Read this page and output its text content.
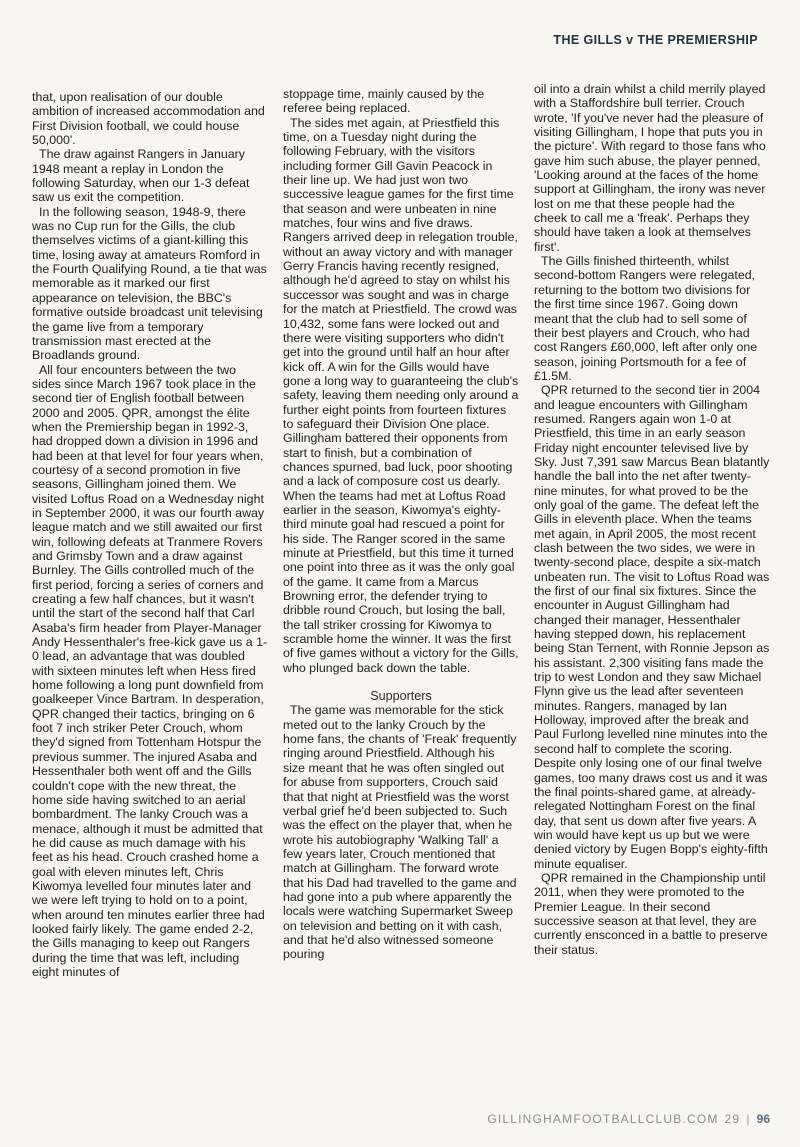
THE GILLS v THE PREMIERSHIP

that, upon realisation of our double ambition of increased accommodation and First Division football, we could house 50,000'.

The draw against Rangers in January 1948 meant a replay in London the following Saturday, when our 1-3 defeat saw us exit the competition.

In the following season, 1948-9, there was no Cup run for the Gills, the club themselves victims of a giant-killing this time, losing away at amateurs Romford in the Fourth Qualifying Round, a tie that was memorable as it marked our first appearance on television, the BBC's formative outside broadcast unit televising the game live from a temporary transmission mast erected at the Broadlands ground.

All four encounters between the two sides since March 1967 took place in the second tier of English football between 2000 and 2005. QPR, amongst the élite when the Premiership began in 1992-3, had dropped down a division in 1996 and had been at that level for four years when, courtesy of a second promotion in five seasons, Gillingham joined them. We visited Loftus Road on a Wednesday night in September 2000, it was our fourth away league match and we still awaited our first win, following defeats at Tranmere Rovers and Grimsby Town and a draw against Burnley. The Gills controlled much of the first period, forcing a series of corners and creating a few half chances, but it wasn't until the start of the second half that Carl Asaba's firm header from Player-Manager Andy Hessenthaler's free-kick gave us a 1-0 lead, an advantage that was doubled with sixteen minutes left when Hess fired home following a long punt downfield from goalkeeper Vince Bartram. In desperation, QPR changed their tactics, bringing on 6 foot 7 inch striker Peter Crouch, whom they'd signed from Tottenham Hotspur the previous summer. The injured Asaba and Hessenthaler both went off and the Gills couldn't cope with the new threat, the home side having switched to an aerial bombardment. The lanky Crouch was a menace, although it must be admitted that he did cause as much damage with his feet as his head. Crouch crashed home a goal with eleven minutes left, Chris Kiwomya levelled four minutes later and we were left trying to hold on to a point, when around ten minutes earlier three had looked fairly likely. The game ended 2-2, the Gills managing to keep out Rangers during the time that was left, including eight minutes of

stoppage time, mainly caused by the referee being replaced.

The sides met again, at Priestfield this time, on a Tuesday night during the following February, with the visitors including former Gill Gavin Peacock in their line up. We had just won two successive league games for the first time that season and were unbeaten in nine matches, four wins and five draws. Rangers arrived deep in relegation trouble, without an away victory and with manager Gerry Francis having recently resigned, although he'd agreed to stay on whilst his successor was sought and was in charge for the match at Priestfield. The crowd was 10,432, some fans were locked out and there were visiting supporters who didn't get into the ground until half an hour after kick off. A win for the Gills would have gone a long way to guaranteeing the club's safety, leaving them needing only around a further eight points from fourteen fixtures to safeguard their Division One place. Gillingham battered their opponents from start to finish, but a combination of chances spurned, bad luck, poor shooting and a lack of composure cost us dearly. When the teams had met at Loftus Road earlier in the season, Kiwomya's eighty-third minute goal had rescued a point for his side. The Ranger scored in the same minute at Priestfield, but this time it turned one point into three as it was the only goal of the game. It came from a Marcus Browning error, the defender trying to dribble round Crouch, but losing the ball, the tall striker crossing for Kiwomya to scramble home the winner. It was the first of five games without a victory for the Gills, who plunged back down the table.

Supporters

The game was memorable for the stick meted out to the lanky Crouch by the home fans, the chants of 'Freak' frequently ringing around Priestfield. Although his size meant that he was often singled out for abuse from supporters, Crouch said that that night at Priestfield was the worst verbal grief he'd been subjected to. Such was the effect on the player that, when he wrote his autobiography 'Walking Tall' a few years later, Crouch mentioned that match at Gillingham. The forward wrote that his Dad had travelled to the game and had gone into a pub where apparently the locals were watching Supermarket Sweep on television and betting on it with cash, and that he'd also witnessed someone pouring

oil into a drain whilst a child merrily played with a Staffordshire bull terrier. Crouch wrote, 'If you've never had the pleasure of visiting Gillingham, I hope that puts you in the picture'. With regard to those fans who gave him such abuse, the player penned, 'Looking around at the faces of the home support at Gillingham, the irony was never lost on me that these people had the cheek to call me a 'freak'. Perhaps they should have taken a look at themselves first'.

The Gills finished thirteenth, whilst second-bottom Rangers were relegated, returning to the bottom two divisions for the first time since 1967. Going down meant that the club had to sell some of their best players and Crouch, who had cost Rangers £60,000, left after only one season, joining Portsmouth for a fee of £1.5M.

QPR returned to the second tier in 2004 and league encounters with Gillingham resumed. Rangers again won 1-0 at Priestfield, this time in an early season Friday night encounter televised live by Sky. Just 7,391 saw Marcus Bean blatantly handle the ball into the net after twenty-nine minutes, for what proved to be the only goal of the game. The defeat left the Gills in eleventh place. When the teams met again, in April 2005, the most recent clash between the two sides, we were in twenty-second place, despite a six-match unbeaten run. The visit to Loftus Road was the first of our final six fixtures. Since the encounter in August Gillingham had changed their manager, Hessenthaler having stepped down, his replacement being Stan Ternent, with Ronnie Jepson as his assistant. 2,300 visiting fans made the trip to west London and they saw Michael Flynn give us the lead after seventeen minutes. Rangers, managed by Ian Holloway, improved after the break and Paul Furlong levelled nine minutes into the second half to complete the scoring. Despite only losing one of our final twelve games, too many draws cost us and it was the final points-shared game, at already-relegated Nottingham Forest on the final day, that sent us down after five years. A win would have kept us up but we were denied victory by Eugen Bopp's eighty-fifth minute equaliser.

QPR remained in the Championship until 2011, when they were promoted to the Premier League. In their second successive season at that level, they are currently ensconced in a battle to preserve their status.

GILLINGHAMFOOTBALLCLUB.COM 29 | 96
